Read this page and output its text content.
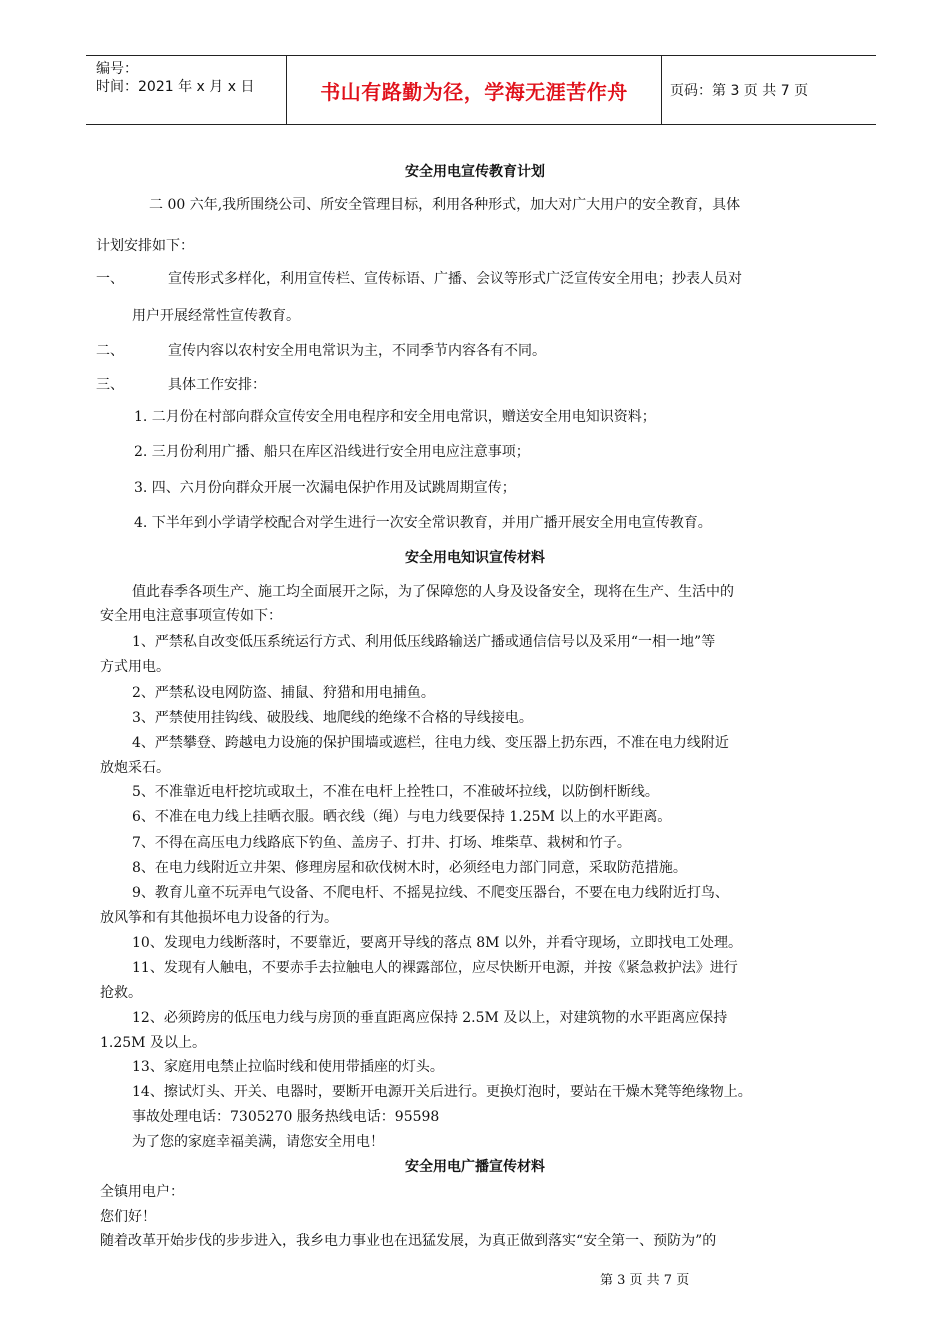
编号：
时间：2021 年 x 月 x 日	书山有路勤为径，学海无涯苦作舟	页码：第 3 页 共 7 页
安全用电宣传教育计划
二 00 六年,我所围绕公司、所安全管理目标，利用各种形式，加大对广大用户的安全教育，具体
计划安排如下：
一、	宣传形式多样化，利用宣传栏、宣传标语、广播、会议等形式广泛宣传安全用电；抄表人员对
用户开展经常性宣传教育。
二、	宣传内容以农村安全用电常识为主，不同季节内容各有不同。
三、	具体工作安排：
1. 二月份在村部向群众宣传安全用电程序和安全用电常识，赠送安全用电知识资料；
2. 三月份利用广播、船只在库区沿线进行安全用电应注意事项；
3. 四、六月份向群众开展一次漏电保护作用及试跳周期宣传；
4. 下半年到小学请学校配合对学生进行一次安全常识教育，并用广播开展安全用电宣传教育。
安全用电知识宣传材料
值此春季各项生产、施工均全面展开之际，为了保障您的人身及设备安全，现将在生产、生活中的
安全用电注意事项宣传如下：
1、严禁私自改变低压系统运行方式、利用低压线路输送广播或通信信号以及采用“一相一地”等
方式用电。
2、严禁私设电网防盗、捕鼠、狩猎和用电捕鱼。
3、严禁使用挂钩线、破股线、地爬线的绝缘不合格的导线接电。
4、严禁攀登、跨越电力设施的保护围墙或遮栏，往电力线、变压器上扔东西，不准在电力线附近
放炮采石。
5、不准靠近电杆挖坑或取土，不准在电杆上拴牲口，不准破坏拉线，以防倒杆断线。
6、不准在电力线上挂晒衣服。晒衣线（绳）与电力线要保持 1.25M 以上的水平距离。
7、不得在高压电力线路底下钓鱼、盖房子、打井、打场、堆柴草、栽树和竹子。
8、在电力线附近立井架、修理房屋和砍伐树木时，必须经电力部门同意，采取防范措施。
9、教育儿童不玩弄电气设备、不爬电杆、不摇晃拉线、不爬变压器台，不要在电力线附近打鸟、
放风筝和有其他损坏电力设备的行为。
10、发现电力线断落时，不要靠近，要离开导线的落点 8M 以外，并看守现场，立即找电工处理。
11、发现有人触电，不要赤手去拉触电人的裸露部位，应尽快断开电源，并按《紧急救护法》进行
抢救。
12、必须跨房的低压电力线与房顶的垂直距离应保持 2.5M 及以上，对建筑物的水平距离应保持
1.25M 及以上。
13、家庭用电禁止拉临时线和使用带插座的灯头。
14、擦试灯头、开关、电器时，要断开电源开关后进行。更换灯泡时，要站在干燥木凳等绝缘物上。
事故处理电话：7305270 服务热线电话：95598
为了您的家庭幸福美满，请您安全用电！
安全用电广播宣传材料
全镇用电户：
您们好！
随着改革开始步伐的步步进入，我乡电力事业也在迅猛发展，为真正做到落实“安全第一、预防为”的
第 3 页 共 7 页
